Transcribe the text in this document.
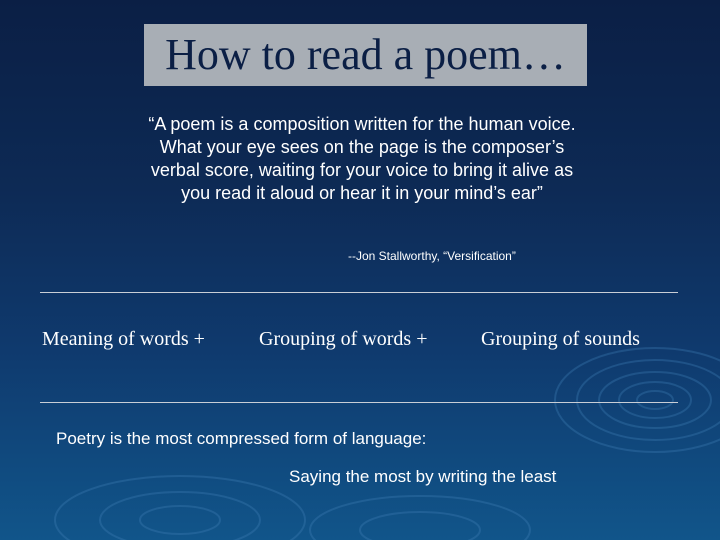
How to read a poem…
“A poem is a composition written for the human voice. What your eye sees on the page is the composer’s verbal score, waiting for your voice to bring it alive as you read it aloud or hear it in your mind’s ear”
--Jon Stallworthy, “Versification”
Meaning of words +	Grouping of words +	Grouping of sounds
Poetry is the most compressed form of language:
Saying the most by writing the least
